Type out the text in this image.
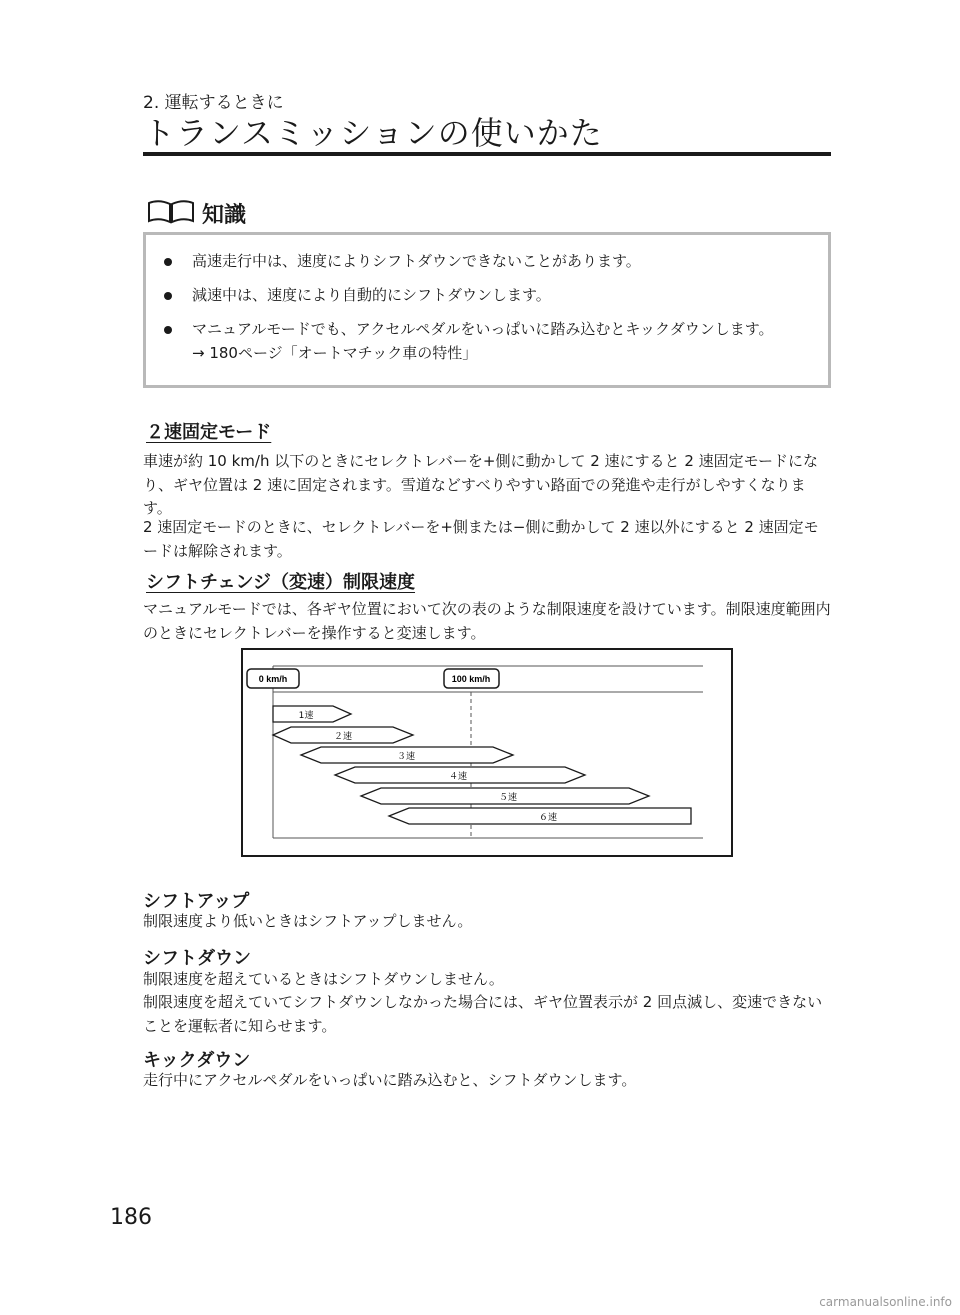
2. 運転するときに
トランスミッションの使いかた
知識
高速走行中は、速度によりシフトダウンできないことがあります。
減速中は、速度により自動的にシフトダウンします。
マニュアルモードでも、アクセルペダルをいっぱいに踏み込むとキックダウンします。
→ 180ページ「オートマチック車の特性」
２速固定モード
車速が約 10 km/h 以下のときにセレクトレバーを+側に動かして 2 速にすると 2 速固定モードになり、ギヤ位置は 2 速に固定されます。雪道などすべりやすい路面での発進や走行がしやすくなります。
2 速固定モードのときに、セレクトレバーを+側または−側に動かして 2 速以外にすると 2 速固定モードは解除されます。
シフトチェンジ（変速）制限速度
マニュアルモードでは、各ギヤ位置において次の表のような制限速度を設けています。制限速度範囲内のときにセレクトレバーを操作すると変速します。
0 km/h	100 km/h
1速
２速
３速
４速
５速
６速
シフトアップ
制限速度より低いときはシフトアップしません。
シフトダウン
制限速度を超えているときはシフトダウンしません。
制限速度を超えていてシフトダウンしなかった場合には、ギヤ位置表示が 2 回点滅し、変速できないことを運転者に知らせます。
キックダウン
走行中にアクセルペダルをいっぱいに踏み込むと、シフトダウンします。
186
carmanualsonline.info
